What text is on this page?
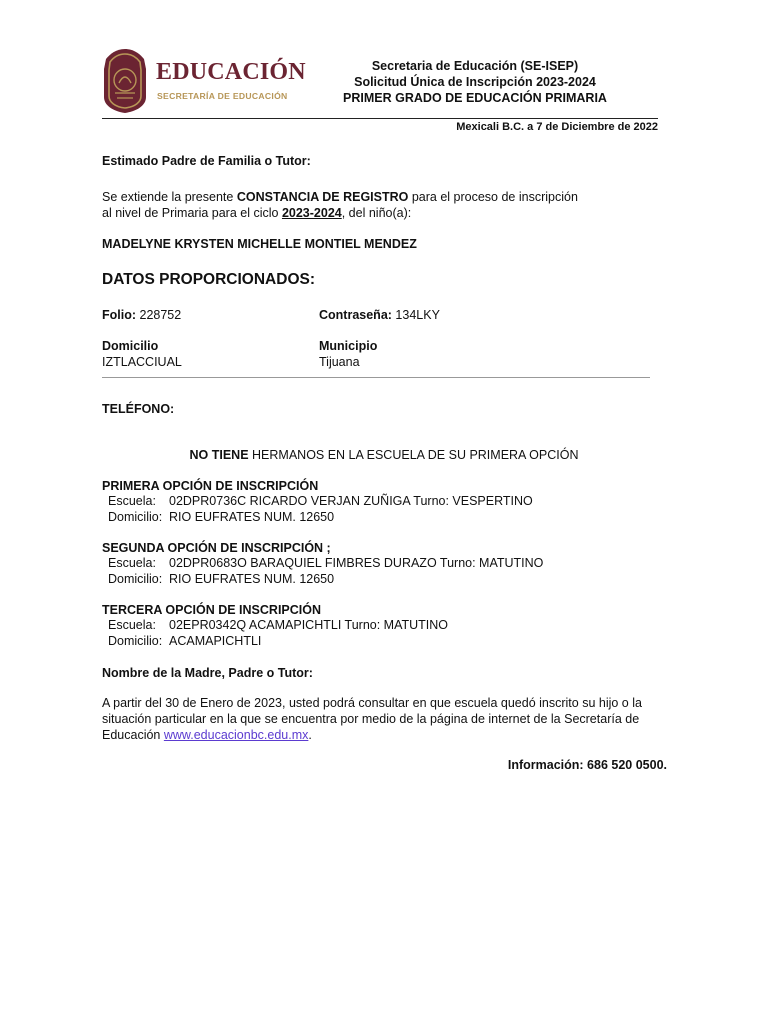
EDUCACIÓN
SECRETARÍA DE EDUCACIÓN
Secretaria de Educación (SE-ISEP)
Solicitud Única de Inscripción 2023-2024
PRIMER GRADO DE EDUCACIÓN PRIMARIA
Mexicali B.C. a 7 de Diciembre de 2022
Estimado Padre de Familia o Tutor:
Se extiende la presente CONSTANCIA DE REGISTRO para el proceso de inscripción
al nivel de Primaria para el ciclo 2023-2024, del niño(a):
MADELYNE KRYSTEN MICHELLE MONTIEL MENDEZ
DATOS PROPORCIONADOS:
Folio: 228752	Contraseña: 134LKY
Domicilio
IZTLACCIUAL
Municipio
Tijuana
TELÉFONO:
NO TIENE HERMANOS EN LA ESCUELA DE SU PRIMERA OPCIÓN
PRIMERA OPCIÓN DE INSCRIPCIÓN
Escuela: 02DPR0736C RICARDO VERJAN ZUÑIGA Turno: VESPERTINO
Domicilio: RIO EUFRATES NUM. 12650
SEGUNDA OPCIÓN DE INSCRIPCIÓN ;
Escuela: 02DPR0683O BARAQUIEL FIMBRES DURAZO Turno: MATUTINO
Domicilio: RIO EUFRATES NUM. 12650
TERCERA OPCIÓN DE INSCRIPCIÓN
Escuela: 02EPR0342Q ACAMAPICHTLI Turno: MATUTINO
Domicilio: ACAMAPICHTLI
Nombre de la Madre, Padre o Tutor:
A partir del 30 de Enero de 2023, usted podrá consultar en que escuela quedó inscrito su hijo o la situación particular en la que se encuentra por medio de la página de internet de la Secretaría de Educación www.educacionbc.edu.mx.
Información: 686 520 0500.
